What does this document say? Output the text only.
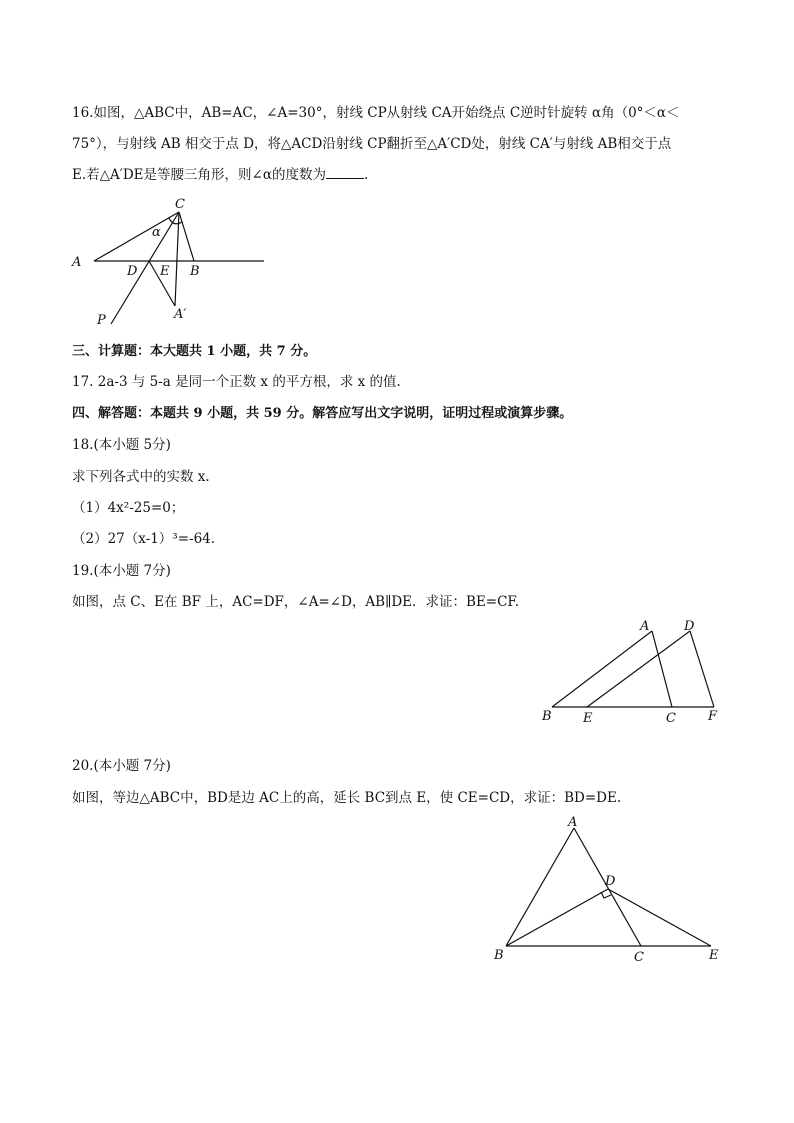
16.如图，△ABC中，AB=AC，∠A=30°，射线 CP从射线 CA开始绕点 C逆时针旋转 α角（0°＜α＜
75°），与射线 AB 相交于点 D，将△ACD沿射线 CP翻折至△A′CD处，射线 CA′与射线 AB相交于点
E.若△A′DE是等腰三角形，则∠α的度数为	.
A
C
α
D E B
A′
P
三、计算题：本大题共 1 小题，共 7 分。
17. 2a-3 与 5-a 是同一个正数 x 的平方根，求 x 的值.
四、解答题：本题共 9 小题，共 59 分。解答应写出文字说明，证明过程或演算步骤。
18.(本小题 5分)
求下列各式中的实数 x.
（1）4x²-25=0；
（2）27（x-1）³=-64.
19.(本小题 7分)
如图，点 C、E在 BF 上，AC=DF，∠A=∠D，AB∥DE．求证：BE=CF.
A	D
B E	C F
20.(本小题 7分)
如图，等边△ABC中，BD是边 AC上的高，延长 BC到点 E，使 CE=CD，求证：BD=DE.
A
D
B	C	E
